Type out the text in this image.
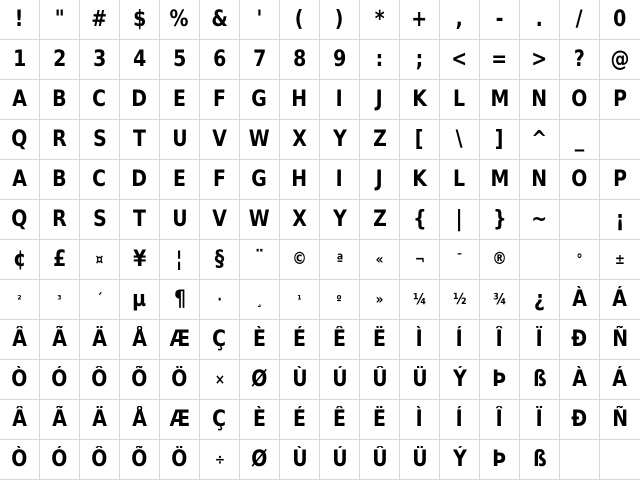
! " # $ % & ' ( ) * + , - . / 0
1 2 3 4 5 6 7 8 9 : ; < = > ? @
A B C D E F G H I J K L M N O P
Q R S T U V W X Y Z [ \ ] ^ _
A B C D E F G H I J K L M N O P
Q R S T U V W X Y Z { | } ~	¡
¢ £ ¤ ¥ ¦ § ¨ © ª « ¬ ¯ ®	° ±
²	³ ´ µ ¶ · ¸	¹	º » ¼ ½ ¾ ¿ À Á
Â Ã Ä Å Æ Ç È É Ê Ë Ì Í Î Ï Ð Ñ
Ò Ó Ô Õ Ö × Ø Ù Ú Û Ü Ý Þ ß À Á
Â Ã Ä Å Æ Ç È É Ê Ë Ì Í Î Ï Ð Ñ
Ò Ó Ô Õ Ö ÷ Ø Ù Ú Û Ü Ý Þ ß
